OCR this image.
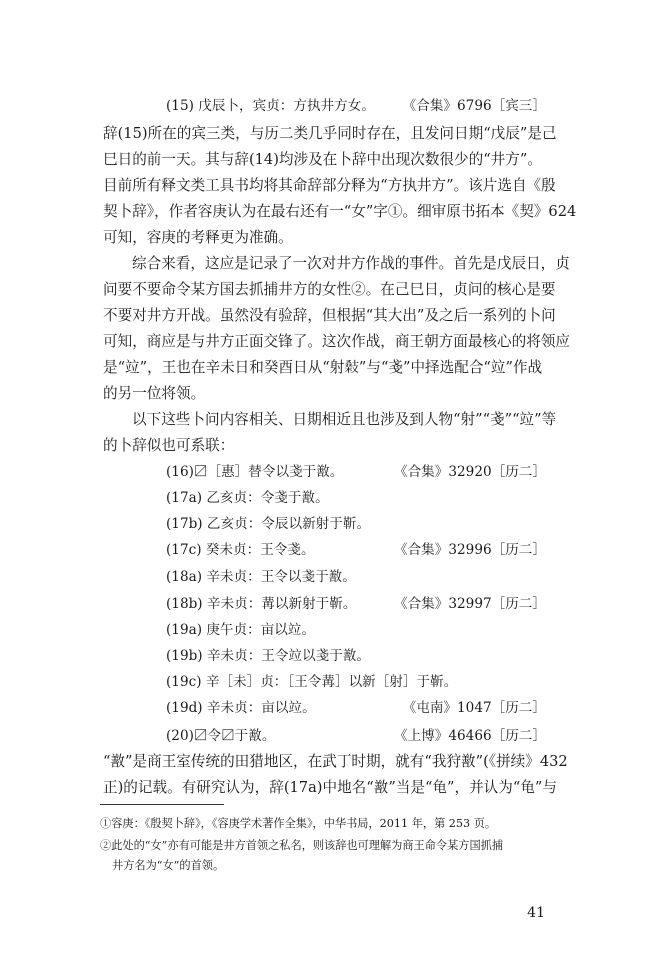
(15) 戊辰卜，宾贞：方执井方女。 《合集》6796［宾三］
辞(15)所在的宾三类，与历二类几乎同时存在，且发问日期“戊辰”是己
巳日的前一天。其与辞(14)均涉及在卜辞中出现次数很少的“井方”。
目前所有释文类工具书均将其命辞部分释为“方执井方”。该片选自《殷
契卜辞》，作者容庚认为在最右还有一“女”字①。细审原书拓本《契》624
可知，容庚的考释更为准确。
综合来看，这应是记录了一次对井方作战的事件。首先是戊辰日，贞
问要不要命令某方国去抓捕井方的女性②。在己巳日，贞问的核心是要
不要对井方开战。虽然没有验辞，但根据“其大出”及之后一系列的卜问
可知，商应是与井方正面交锋了。这次作战，商王朝方面最核心的将领应
是“竝”，王也在辛未日和癸酉日从“射𢻚”与“戔”中择选配合“竝”作战
的另一位将领。
以下这些卜问内容相关、日期相近且也涉及到人物“射”“戔”“竝”等
的卜辞似也可系联：
(16)〼［惠］替令以戔于敾。	《合集》32920［历二］
(17a) 乙亥贞：令戔于敾。
(17b) 乙亥贞：令辰以新射于靳。
(17c) 癸未贞：王令戔。	《合集》32996［历二］
(18a) 辛未贞：王令以戔于敾。
(18b) 辛未贞：冓以新射于靳。	《合集》32997［历二］
(19a) 庚午贞：亩以竝。
(19b) 辛未贞：王令竝以戔于敾。
(19c) 辛［未］贞：［王令冓］以新［射］于靳。
(19d) 辛未贞：亩以竝。	《屯南》1047［历二］
(20)〼令〼于敾。	《上博》46466［历二］
“敾”是商王室传统的田猎地区，在武丁时期，就有“我狩敾”(《拼续》432
正)的记载。有研究认为，辞(17a)中地名“敾”当是“龟”，并认为“龟”与
①容庚：《殷契卜辞》，《容庚学术著作全集》，中华书局，2011 年，第 253 页。
②此处的“女”亦有可能是井方首领之私名，则该辞也可理解为商王命令某方国抓捕
井方名为“女”的首领。
41
